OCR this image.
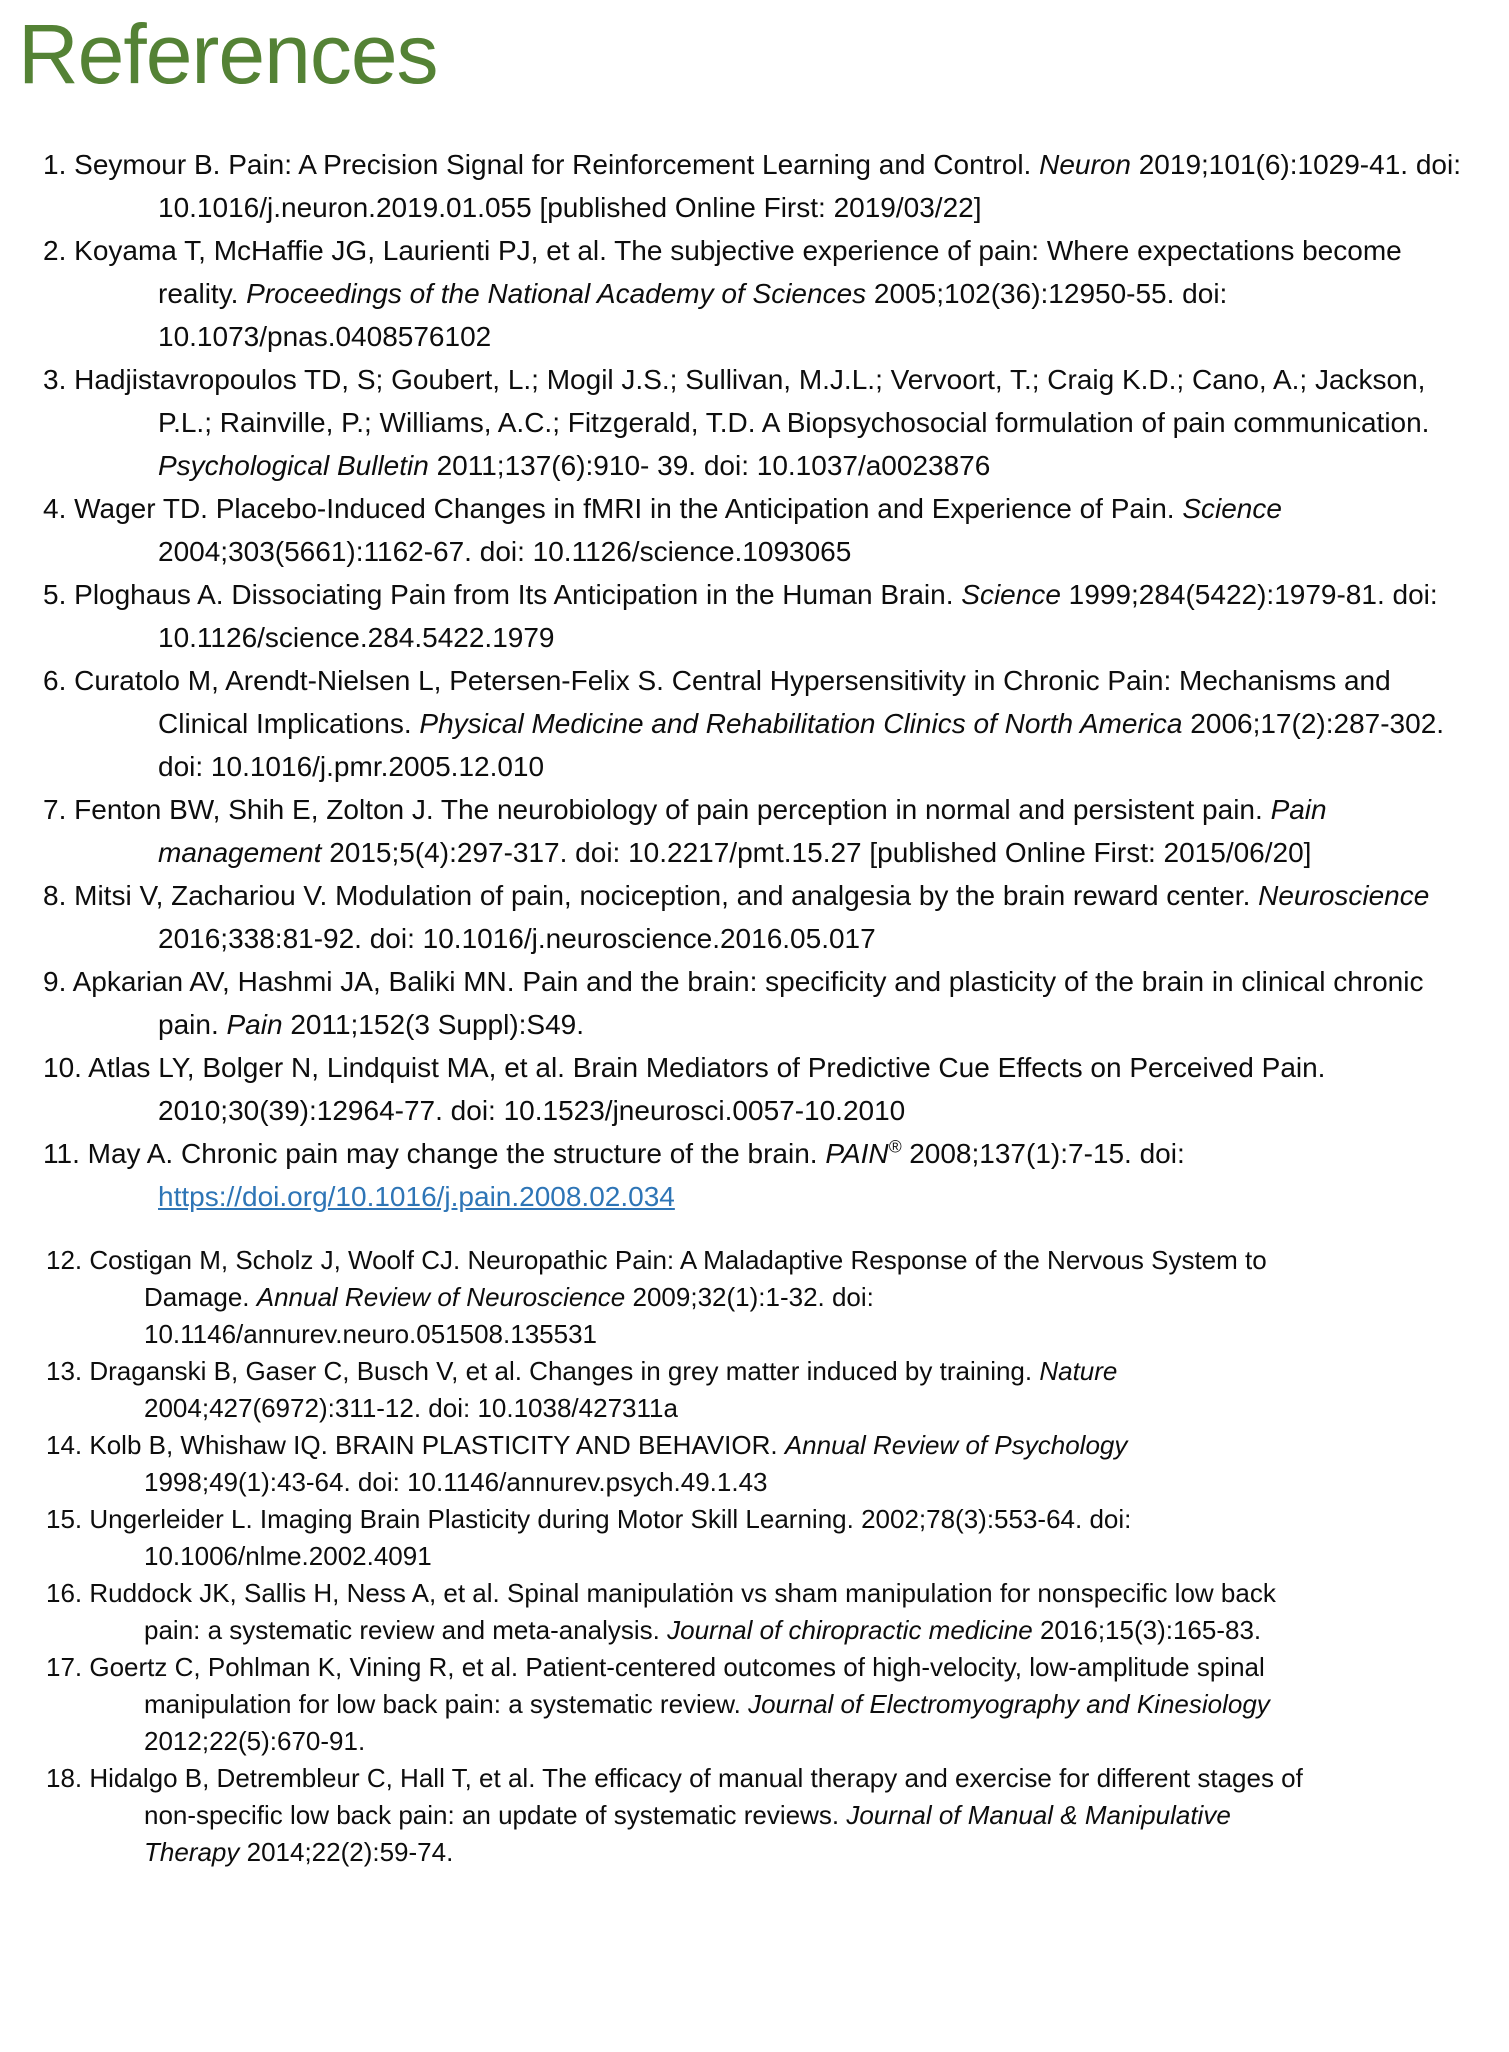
References
1. Seymour B. Pain: A Precision Signal for Reinforcement Learning and Control. Neuron 2019;101(6):1029-41. doi: 10.1016/j.neuron.2019.01.055 [published Online First: 2019/03/22]
2. Koyama T, McHaffie JG, Laurienti PJ, et al. The subjective experience of pain: Where expectations become reality. Proceedings of the National Academy of Sciences 2005;102(36):12950-55. doi: 10.1073/pnas.0408576102
3. Hadjistavropoulos TD, S; Goubert, L.; Mogil J.S.; Sullivan, M.J.L.; Vervoort, T.; Craig K.D.; Cano, A.; Jackson, P.L.; Rainville, P.; Williams, A.C.; Fitzgerald, T.D. A Biopsychosocial formulation of pain communication. Psychological Bulletin 2011;137(6):910- 39. doi: 10.1037/a0023876
4. Wager TD. Placebo-Induced Changes in fMRI in the Anticipation and Experience of Pain. Science 2004;303(5661):1162-67. doi: 10.1126/science.1093065
5. Ploghaus A. Dissociating Pain from Its Anticipation in the Human Brain. Science 1999;284(5422):1979-81. doi: 10.1126/science.284.5422.1979
6. Curatolo M, Arendt-Nielsen L, Petersen-Felix S. Central Hypersensitivity in Chronic Pain: Mechanisms and Clinical Implications. Physical Medicine and Rehabilitation Clinics of North America 2006;17(2):287-302. doi: 10.1016/j.pmr.2005.12.010
7. Fenton BW, Shih E, Zolton J. The neurobiology of pain perception in normal and persistent pain. Pain management 2015;5(4):297-317. doi: 10.2217/pmt.15.27 [published Online First: 2015/06/20]
8. Mitsi V, Zachariou V. Modulation of pain, nociception, and analgesia by the brain reward center. Neuroscience 2016;338:81-92. doi: 10.1016/j.neuroscience.2016.05.017
9. Apkarian AV, Hashmi JA, Baliki MN. Pain and the brain: specificity and plasticity of the brain in clinical chronic pain. Pain 2011;152(3 Suppl):S49.
10. Atlas LY, Bolger N, Lindquist MA, et al. Brain Mediators of Predictive Cue Effects on Perceived Pain. 2010;30(39):12964-77. doi: 10.1523/jneurosci.0057-10.2010
11. May A. Chronic pain may change the structure of the brain. PAIN® 2008;137(1):7-15. doi: https://doi.org/10.1016/j.pain.2008.02.034
12. Costigan M, Scholz J, Woolf CJ. Neuropathic Pain: A Maladaptive Response of the Nervous System to Damage. Annual Review of Neuroscience 2009;32(1):1-32. doi: 10.1146/annurev.neuro.051508.135531
13. Draganski B, Gaser C, Busch V, et al. Changes in grey matter induced by training. Nature 2004;427(6972):311-12. doi: 10.1038/427311a
14. Kolb B, Whishaw IQ. BRAIN PLASTICITY AND BEHAVIOR. Annual Review of Psychology 1998;49(1):43-64. doi: 10.1146/annurev.psych.49.1.43
15. Ungerleider L. Imaging Brain Plasticity during Motor Skill Learning. 2002;78(3):553-64. doi: 10.1006/nlme.2002.4091
16. Ruddock JK, Sallis H, Ness A, et al. Spinal manipulatiȯn vs sham manipulation for nonspecific low back pain: a systematic review and meta-analysis. Journal of chiropractic medicine 2016;15(3):165-83.
17. Goertz C, Pohlman K, Vining R, et al. Patient-centered outcomes of high-velocity, low-amplitude spinal manipulation for low back pain: a systematic review. Journal of Electromyography and Kinesiology 2012;22(5):670-91.
18. Hidalgo B, Detrembleur C, Hall T, et al. The efficacy of manual therapy and exercise for different stages of non-specific low back pain: an update of systematic reviews. Journal of Manual & Manipulative Therapy 2014;22(2):59-74.
